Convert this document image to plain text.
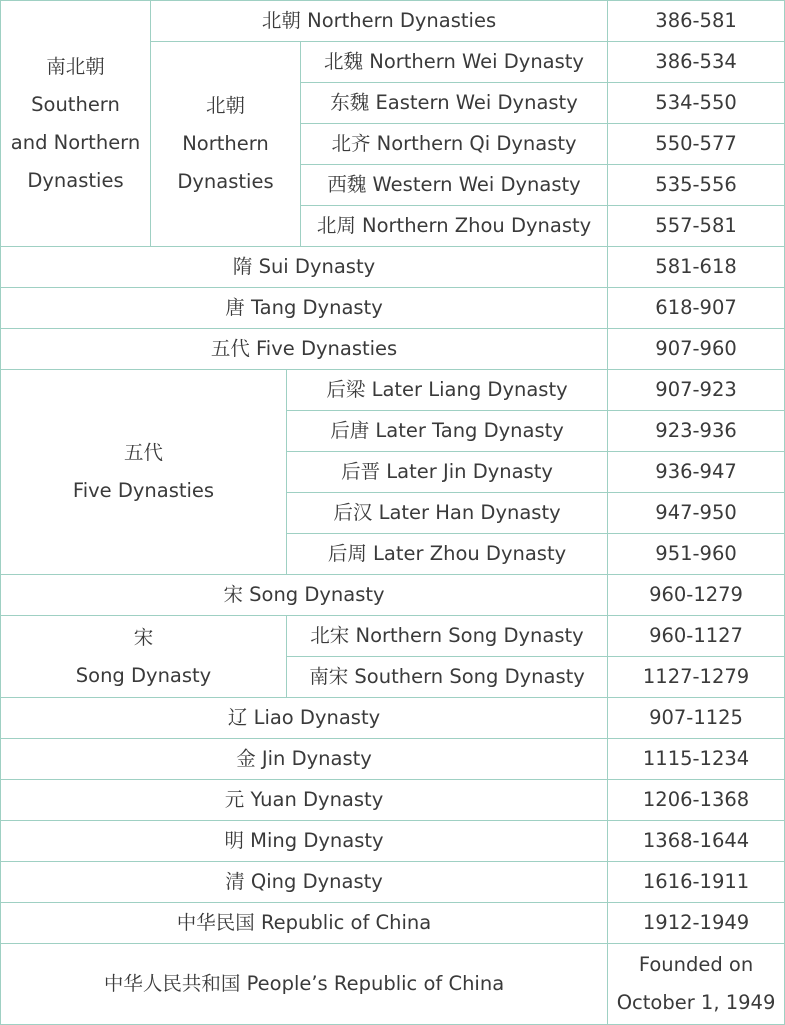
南北朝
Southern
and Northern
Dynasties	北朝 Northern Dynasties			386-581

	北朝
Northern
Dynasties		北魏 Northern Wei Dynasty	386-534
			东魏 Eastern Wei Dynasty	534-550
			北齐 Northern Qi Dynasty	550-577
			西魏 Western Wei Dynasty	535-556
			北周 Northern Zhou Dynasty	557-581
隋 Sui Dynasty				581-618
唐 Tang Dynasty				618-907
五代 Five Dynasties				907-960

五代
Five Dynasties		后梁 Later Liang Dynasty		907-923
		后唐 Later Tang Dynasty		923-936
		后晋 Later Jin Dynasty		936-947
		后汉 Later Han Dynasty		947-950
		后周 Later Zhou Dynasty		951-960
宋 Song Dynasty				960-1279

宋
Song Dynasty		北宋 Northern Song Dynasty		960-1127
		南宋 Southern Song Dynasty		1127-1279
辽 Liao Dynasty				907-1125
金 Jin Dynasty				1115-1234
元 Yuan Dynasty				1206-1368
明 Ming Dynasty				1368-1644
清 Qing Dynasty				1616-1911
中华民国 Republic of China				1912-1949
中华人民共和国 People’s Republic of China				Founded on
October 1, 1949
